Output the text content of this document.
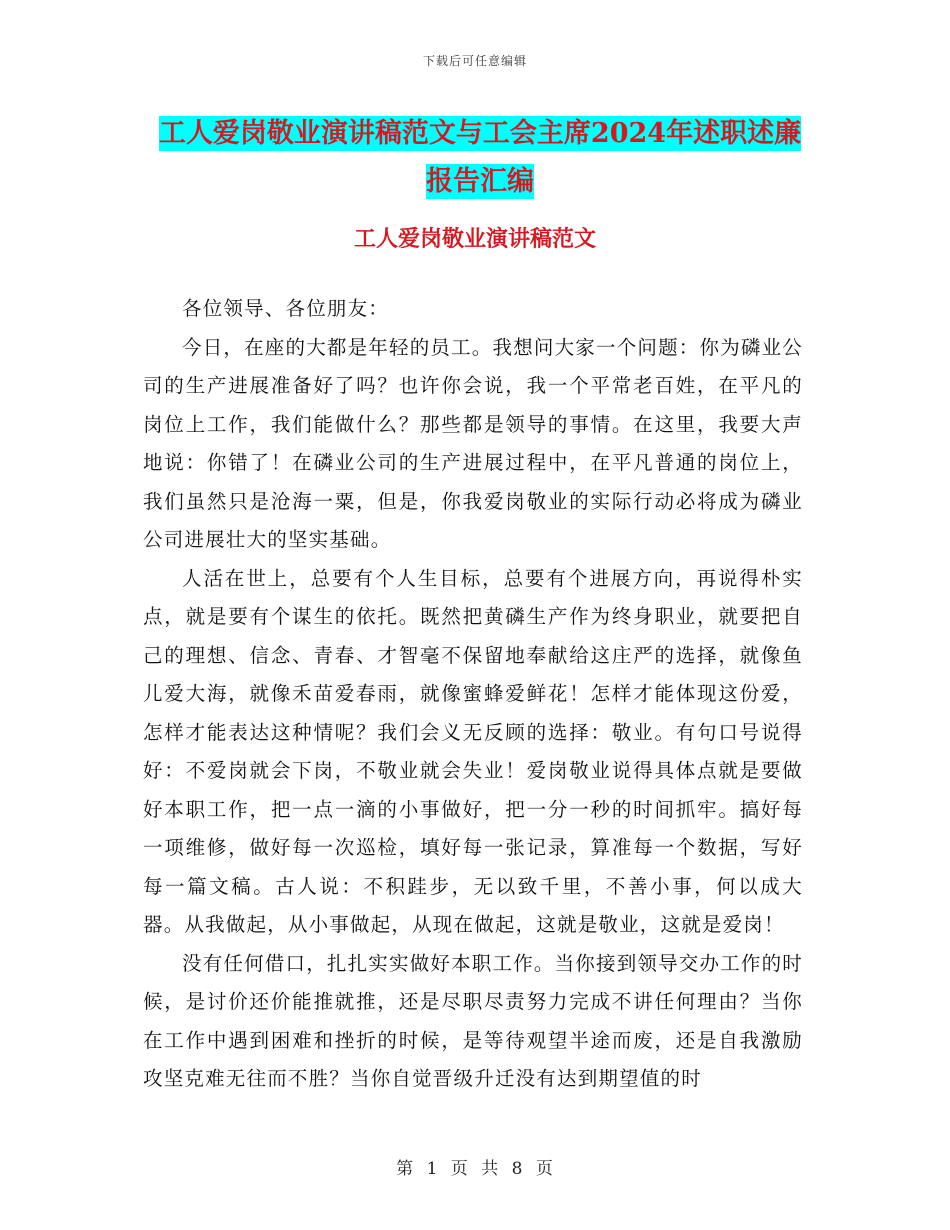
下载后可任意编辑
工人爱岗敬业演讲稿范文与工会主席2024年述职述廉
报告汇编
工人爱岗敬业演讲稿范文

各位领导、各位朋友：

今日，在座的大都是年轻的员工。我想问大家一个问题：你为磷业公司的生产进展准备好了吗？也许你会说，我一个平常老百姓，在平凡的岗位上工作，我们能做什么？那些都是领导的事情。在这里，我要大声地说：你错了！在磷业公司的生产进展过程中，在平凡普通的岗位上，我们虽然只是沧海一粟，但是，你我爱岗敬业的实际行动必将成为磷业公司进展壮大的坚实基础。

人活在世上，总要有个人生目标，总要有个进展方向，再说得朴实点，就是要有个谋生的依托。既然把黄磷生产作为终身职业，就要把自己的理想、信念、青春、才智毫不保留地奉献给这庄严的选择，就像鱼儿爱大海，就像禾苗爱春雨，就像蜜蜂爱鲜花！怎样才能体现这份爱，怎样才能表达这种情呢？我们会义无反顾的选择：敬业。有句口号说得好：不爱岗就会下岗，不敬业就会失业！爱岗敬业说得具体点就是要做好本职工作，把一点一滴的小事做好，把一分一秒的时间抓牢。搞好每一项维修，做好每一次巡检，填好每一张记录，算准每一个数据，写好每一篇文稿。古人说：不积跬步，无以致千里，不善小事，何以成大器。从我做起，从小事做起，从现在做起，这就是敬业，这就是爱岗！

没有任何借口，扎扎实实做好本职工作。当你接到领导交办工作的时候，是讨价还价能推就推，还是尽职尽责努力完成不讲任何理由？当你在工作中遇到困难和挫折的时候，是等待观望半途而废，还是自我激励攻坚克难无往而不胜？当你自觉晋级升迁没有达到期望值的时

第 1 页 共 8 页
